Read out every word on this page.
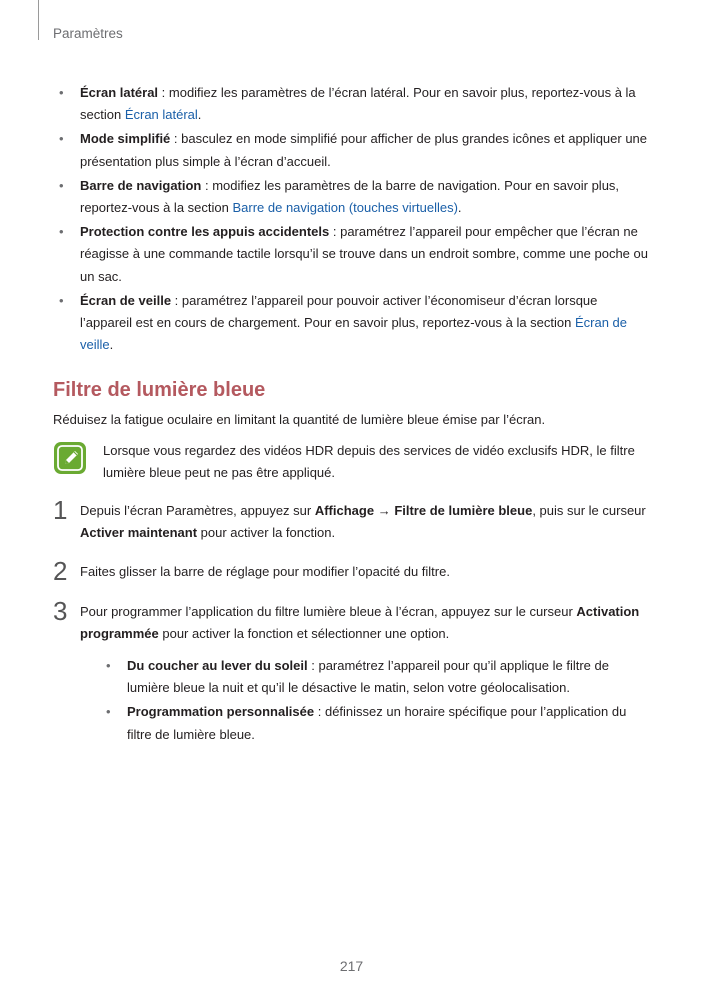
Paramètres
• Écran latéral : modifiez les paramètres de l’écran latéral. Pour en savoir plus, reportez-vous à la section Écran latéral.
• Mode simplifié : basculez en mode simplifié pour afficher de plus grandes icônes et appliquer une présentation plus simple à l’écran d’accueil.
• Barre de navigation : modifiez les paramètres de la barre de navigation. Pour en savoir plus, reportez-vous à la section Barre de navigation (touches virtuelles).
• Protection contre les appuis accidentels : paramétrez l’appareil pour empêcher que l’écran ne réagisse à une commande tactile lorsqu’il se trouve dans un endroit sombre, comme une poche ou un sac.
• Écran de veille : paramétrez l’appareil pour pouvoir activer l’économiseur d’écran lorsque l’appareil est en cours de chargement. Pour en savoir plus, reportez-vous à la section Écran de veille.
Filtre de lumière bleue
Réduisez la fatigue oculaire en limitant la quantité de lumière bleue émise par l’écran.
Lorsque vous regardez des vidéos HDR depuis des services de vidéo exclusifs HDR, le filtre lumière bleue peut ne pas être appliqué.
1 Depuis l’écran Paramètres, appuyez sur Affichage → Filtre de lumière bleue, puis sur le curseur Activer maintenant pour activer la fonction.
2 Faites glisser la barre de réglage pour modifier l’opacité du filtre.
3 Pour programmer l’application du filtre lumière bleue à l’écran, appuyez sur le curseur Activation programmée pour activer la fonction et sélectionner une option.
• Du coucher au lever du soleil : paramétrez l’appareil pour qu’il applique le filtre de lumière bleue la nuit et qu’il le désactive le matin, selon votre géolocalisation.
• Programmation personnalisée : définissez un horaire spécifique pour l’application du filtre de lumière bleue.
217
